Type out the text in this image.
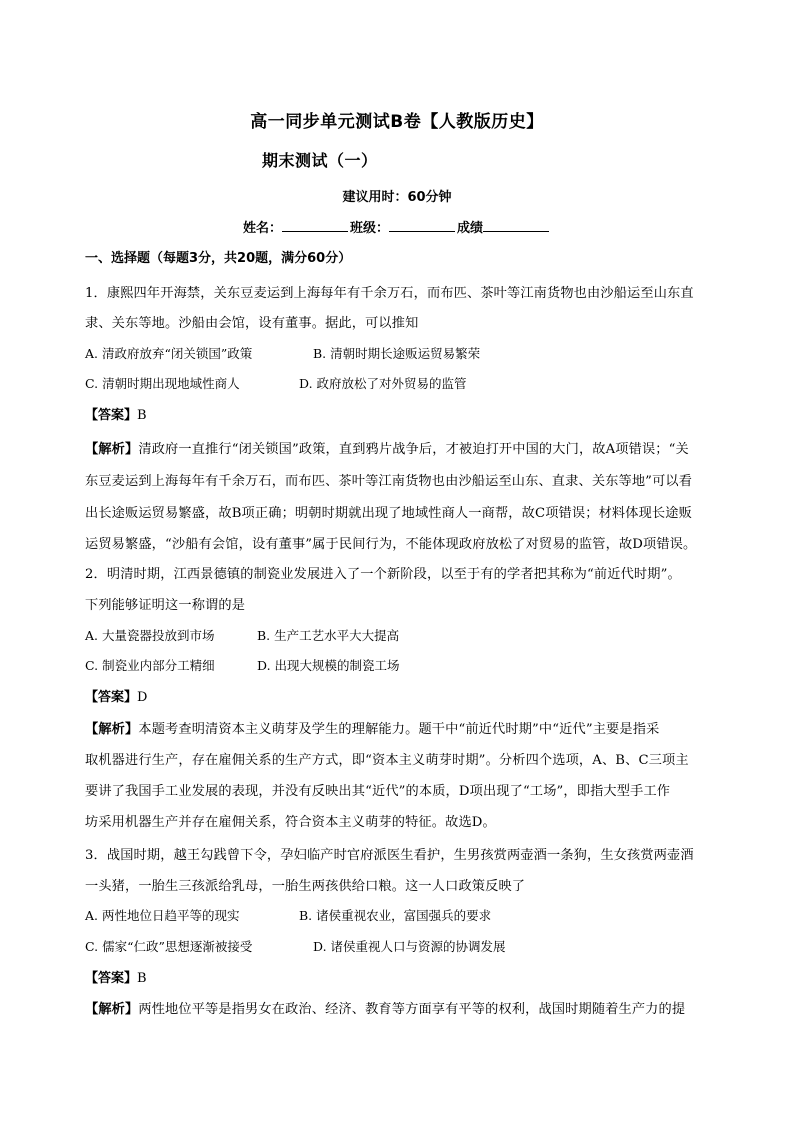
高一同步单元测试B卷【人教版历史】
期末测试（一）
建议用时：60分钟
姓名：	班级：	成绩
一、选择题（每题3分，共20题，满分60分）
1．康熙四年开海禁，关东豆麦运到上海每年有千余万石，而布匹、茶叶等江南货物也由沙船运至山东直
隶、关东等地。沙船由会馆，设有董事。据此，可以推知
A. 清政府放弃“闭关锁国”政策	B. 清朝时期长途贩运贸易繁荣
C. 清朝时期出现地域性商人	D. 政府放松了对外贸易的监管
【答案】B
【解析】清政府一直推行“闭关锁国”政策，直到鸦片战争后，才被迫打开中国的大门，故A项错误；“关
东豆麦运到上海每年有千余万石，而布匹、茶叶等江南货物也由沙船运至山东、直隶、关东等地”可以看
出长途贩运贸易繁盛，故B项正确；明朝时期就出现了地域性商人一商帮，故C项错误；材料体现长途贩
运贸易繁盛，“沙船有会馆，设有董事”属于民间行为，不能体现政府放松了对贸易的监管，故D项错误。
2．明清时期，江西景德镇的制瓷业发展进入了一个新阶段，以至于有的学者把其称为“前近代时期”。
下列能够证明这一称谓的是
A. 大量瓷器投放到市场	B. 生产工艺水平大大提高
C. 制瓷业内部分工精细	D. 出现大规模的制瓷工场
【答案】D
【解析】本题考查明清资本主义萌芽及学生的理解能力。题干中“前近代时期”中“近代”主要是指采
取机器进行生产，存在雇佣关系的生产方式，即“资本主义萌芽时期”。分析四个选项，A、B、C三项主
要讲了我国手工业发展的表现，并没有反映出其“近代”的本质，D项出现了“工场”，即指大型手工作
坊采用机器生产并存在雇佣关系，符合资本主义萌芽的特征。故选D。
3．战国时期，越王勾践曾下令，孕妇临产时官府派医生看护，生男孩赏两壶酒一条狗，生女孩赏两壶酒
一头猪，一胎生三孩派给乳母，一胎生两孩供给口粮。这一人口政策反映了
A. 两性地位日趋平等的现实	B. 诸侯重视农业，富国强兵的要求
C. 儒家“仁政”思想逐渐被接受	D. 诸侯重视人口与资源的协调发展
【答案】B
【解析】两性地位平等是指男女在政治、经济、教育等方面享有平等的权利，战国时期随着生产力的提
